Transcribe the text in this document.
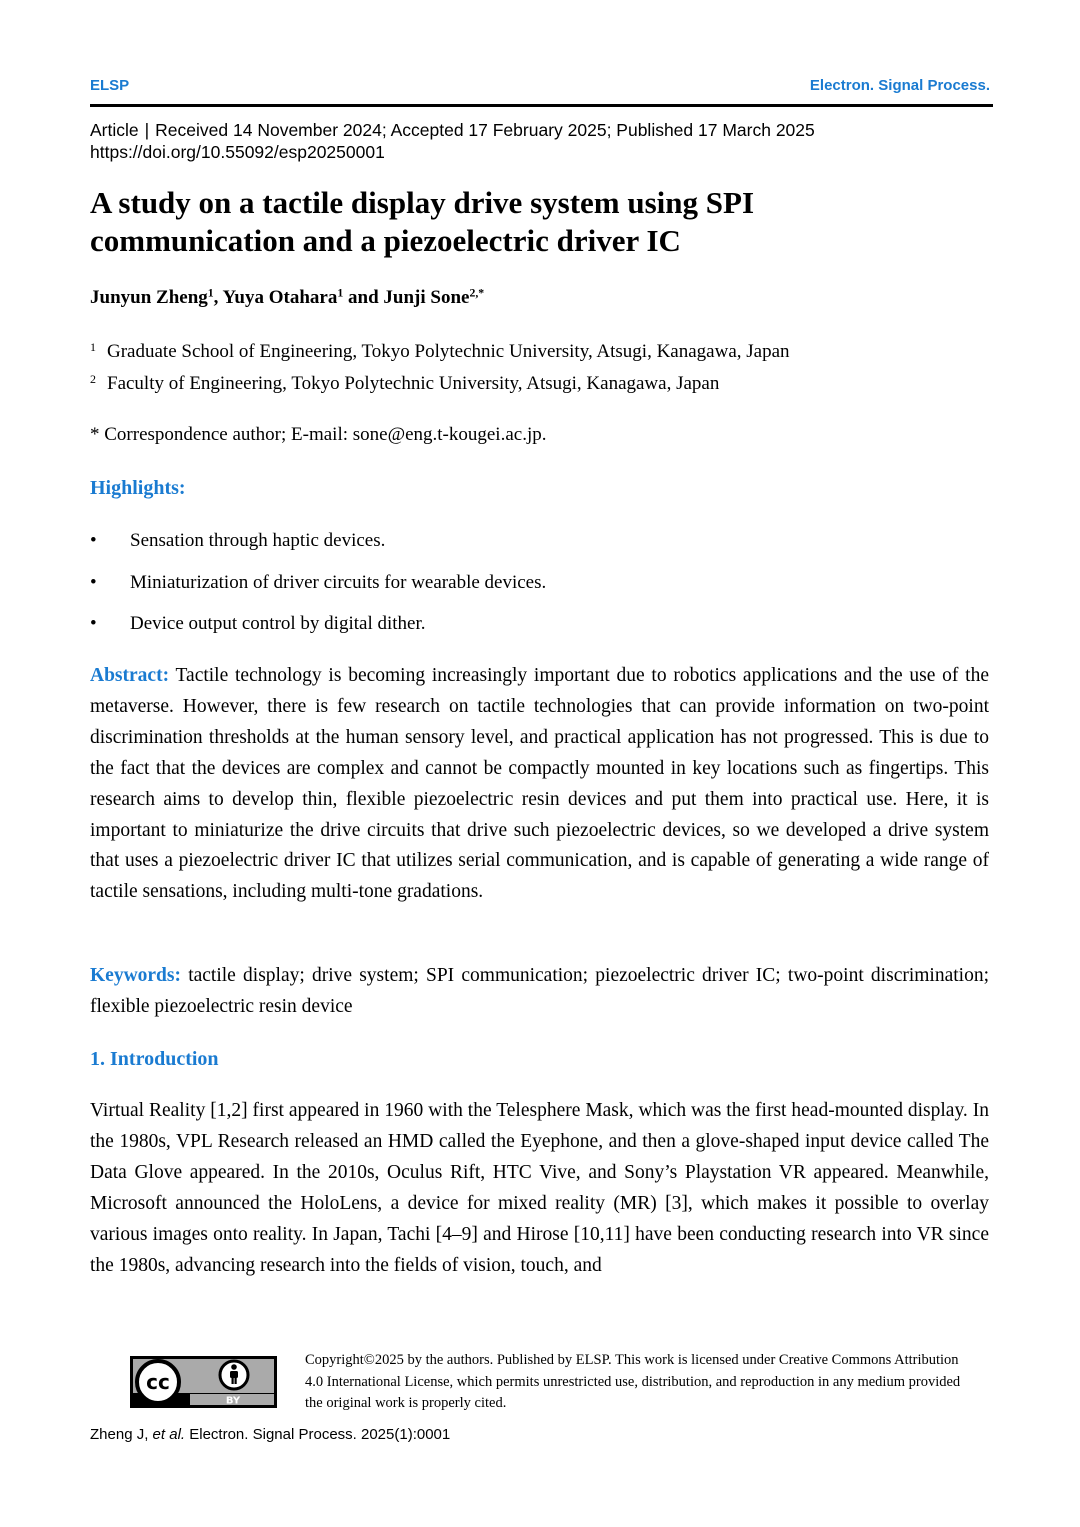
ELSP	Electron. Signal Process.
Article | Received 14 November 2024; Accepted 17 February 2025; Published 17 March 2025
https://doi.org/10.55092/esp20250001
A study on a tactile display drive system using SPI
communication and a piezoelectric driver IC
Junyun Zheng$^1$, Yuya Otahara$^1$ and Junji Sone$^{2,*}$
1 Graduate School of Engineering, Tokyo Polytechnic University, Atsugi, Kanagawa, Japan
2 Faculty of Engineering, Tokyo Polytechnic University, Atsugi, Kanagawa, Japan
* Correspondence author; E-mail: sone@eng.t-kougei.ac.jp.
Highlights:
• Sensation through haptic devices.
• Miniaturization of driver circuits for wearable devices.
• Device output control by digital dither.
Abstract: Tactile technology is becoming increasingly important due to robotics applications and the use of the metaverse. However, there is few research on tactile technologies that can provide information on two-point discrimination thresholds at the human sensory level, and practical application has not progressed. This is due to the fact that the devices are complex and cannot be compactly mounted in key locations such as fingertips. This research aims to develop thin, flexible piezoelectric resin devices and put them into practical use. Here, it is important to miniaturize the drive circuits that drive such piezoelectric devices, so we developed a drive system that uses a piezoelectric driver IC that utilizes serial communication, and is capable of generating a wide range of tactile sensations, including multi-tone gradations.
Keywords: tactile display; drive system; SPI communication; piezoelectric driver IC; two-point discrimination; flexible piezoelectric resin device
1. Introduction
Virtual Reality [1,2] first appeared in 1960 with the Telesphere Mask, which was the first head-mounted display. In the 1980s, VPL Research released an HMD called the Eyephone, and then a glove-shaped input device called The Data Glove appeared. In the 2010s, Oculus Rift, HTC Vive, and Sony’s Playstation VR appeared. Meanwhile, Microsoft announced the HoloLens, a device for mixed reality (MR) [3], which makes it possible to overlay various images onto reality. In Japan, Tachi [4–9] and Hirose [10,11] have been conducting research into VR since the 1980s, advancing research into the fields of vision, touch, and
cc
BY
Copyright©2025 by the authors. Published by ELSP. This work is licensed under Creative Commons Attribution 4.0 International License, which permits unrestricted use, distribution, and reproduction in any medium provided the original work is properly cited.
Zheng J, et al. Electron. Signal Process. 2025(1):0001
